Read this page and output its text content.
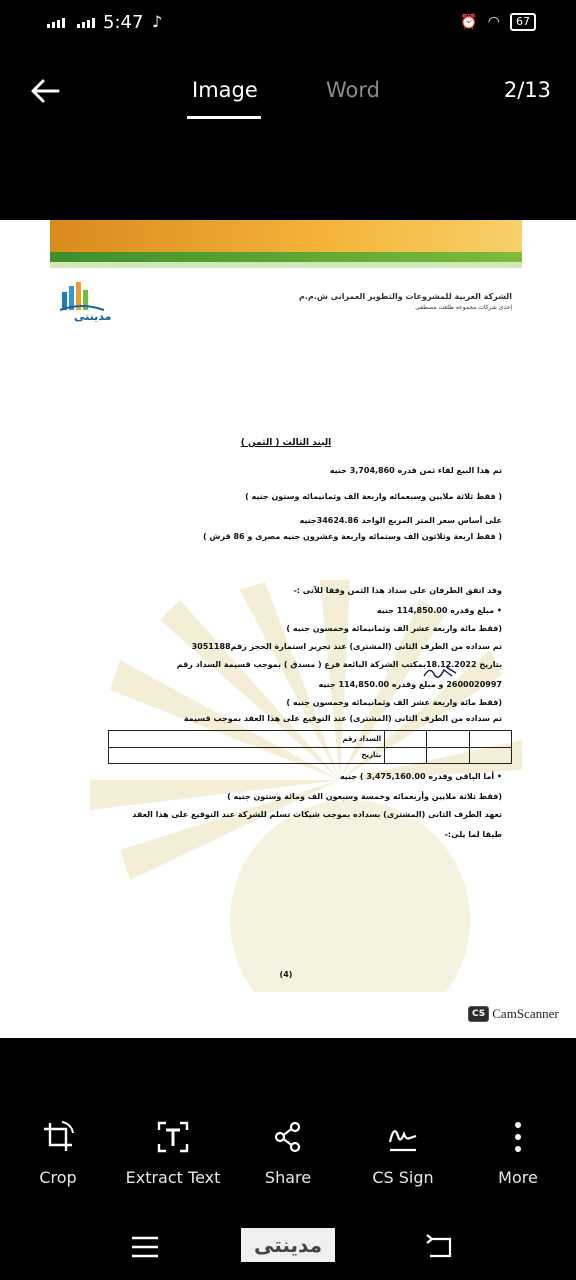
5:47 ♪	⏰ ◠	67
Image	Word	2/13
مدينتى
الشركة العربية للمشروعات والتطوير العمرانى ش.م.م
إحدى شركات مجموعة طلعت مصطفى
البند الثالث ( الثمن )
تم هذا البيع لقاء ثمن قدره 3,704,860 جنيه
( فقط ثلاثة ملايين وسبعمائه واربعة الف وثمانيمائه وستون جنيه )
على أساس سعر المتر المربع الواحد 34624.86جنيه
( فقط اربعة وثلاثون الف وستمائه واربعة وعشرون جنيه مصرى و 86 قرش )
وقد اتفق الطرفان على سداد هذا الثمن وفقا للآتى :-
• مبلغ وقدره 114,850.00 جنيه
(فقط مائة واربعة عشر الف وثمانيمائه وخمسون جنيه )
تم سداده من الطرف الثانى (المشترى) عند تحرير استمارة الحجز رقم3051188
بتاريخ 18.12.2022بمكتب الشركة البائعة فرع ( مسدق ) بموجب قسيمة السداد رقم
2600020997 و مبلغ وقدره 114,850.00 جنيه
(فقط مائة واربعة عشر الف وثمانيمائه وخمسون جنيه )
تم سداده من الطرف الثانى (المشترى) عند التوقيع على هذا العقد بموجب قسيمة
السداد رقم			
بتاريخ			
• أما الباقى وقدره 3,475,160.00 ) جنيه
(فقط ثلاثة ملايين وأربعمائه وخمسة وسبعون الف ومائة وستون جنيه )
تعهد الطرف الثانى (المشترى) بسداده بموجب شيكات تسلم للشركة عند التوقيع على هذا العقد
طبقا لما يلى:-
(4)
CS CamScanner
Crop	Extract Text	Share	CS Sign	More
مدينتى
